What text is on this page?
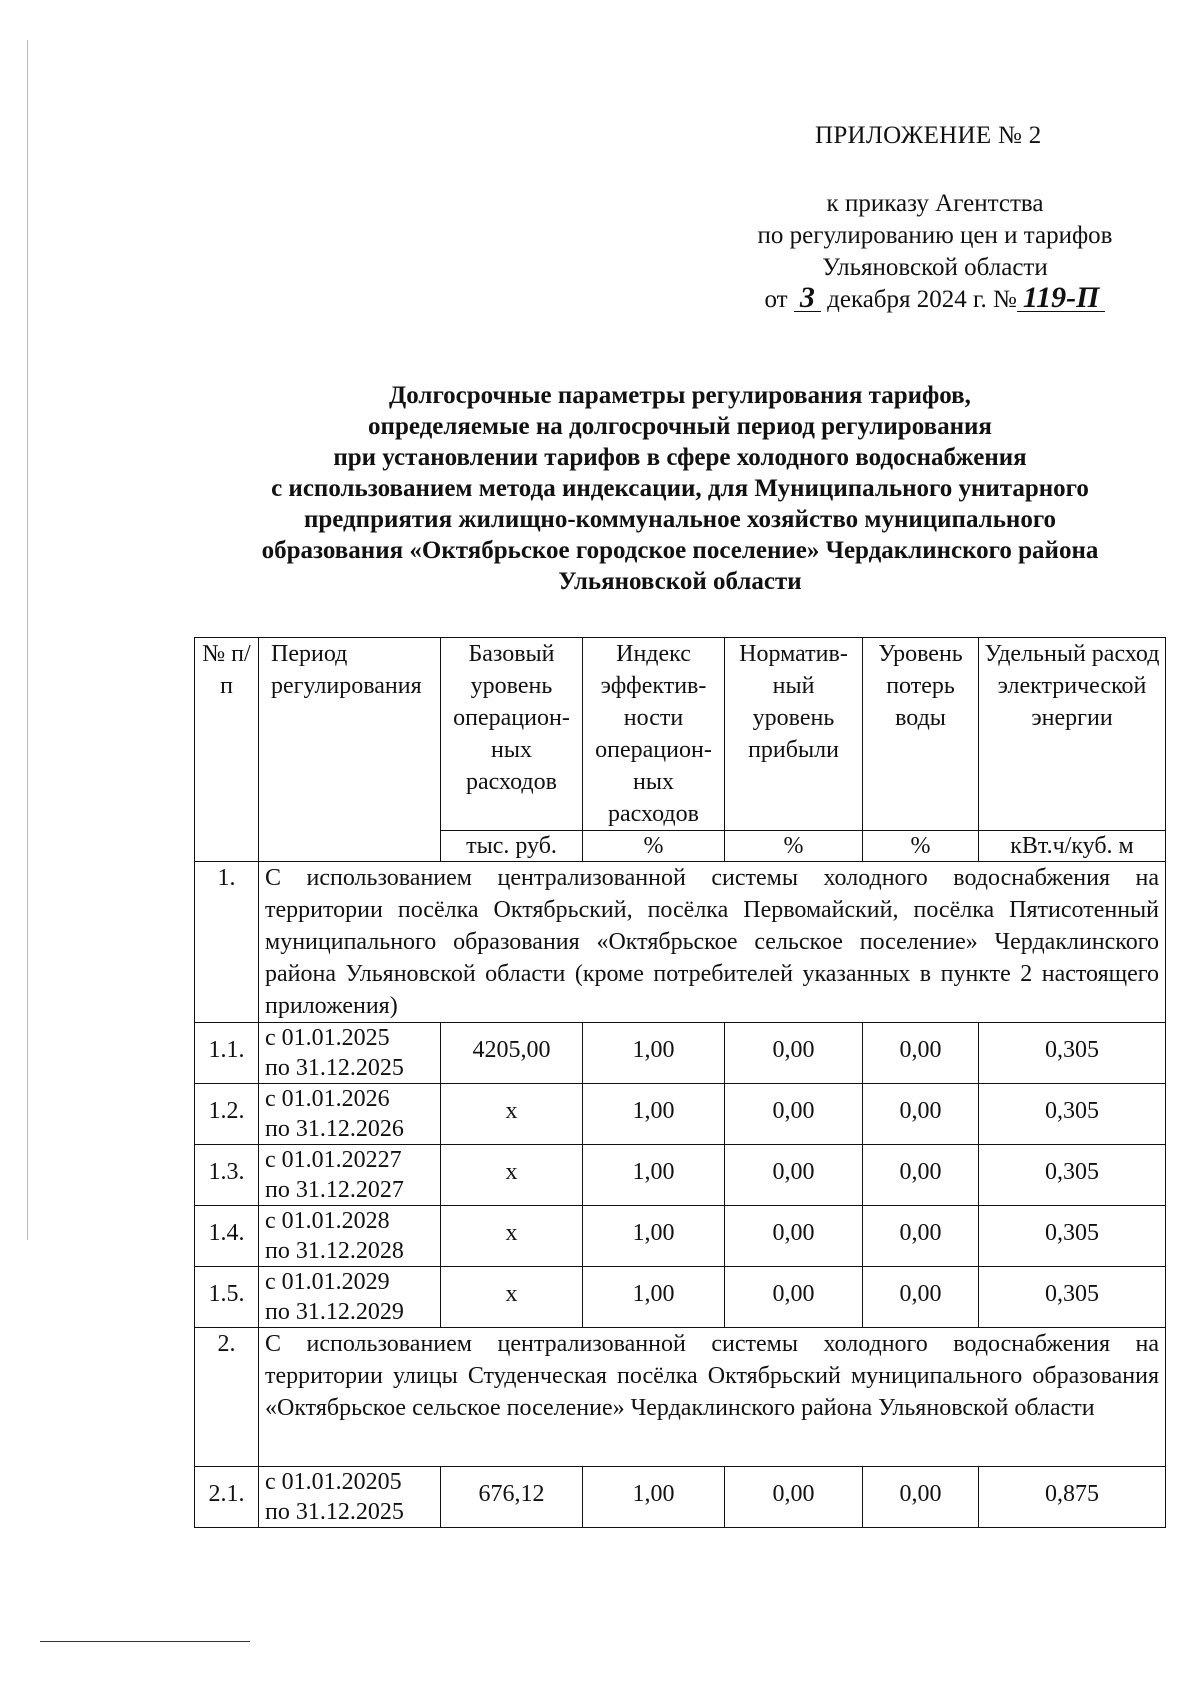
ПРИЛОЖЕНИЕ № 2
к приказу Агентства
по регулированию цен и тарифов
Ульяновской области
от 3 декабря 2024 г. № 119-П
Долгосрочные параметры регулирования тарифов,
определяемые на долгосрочный период регулирования
при установлении тарифов в сфере холодного водоснабжения
с использованием метода индексации, для Муниципального унитарного
предприятия жилищно-коммунальное хозяйство муниципального
образования «Октябрьское городское поселение» Чердаклинского района
Ульяновской области
№ п/п	Период регулирования	Базовый уровень операцион-ных расходов	Индекс эффектив-ности операцион-ных расходов	Норматив-ный уровень прибыли	Уровень потерь воды	Удельный расход электрической энергии
		тыс. руб.	%	%	%	кВт.ч/куб. м
1.	С использованием централизованной системы холодного водоснабжения на территории посёлка Октябрьский, посёлка Первомайский, посёлка Пятисотенный муниципального образования «Октябрьское сельское поселение» Чердаклинского района Ульяновской области (кроме потребителей указанных в пункте 2 настоящего приложения)					
1.1.	с 01.01.2025
по 31.12.2025	4205,00	1,00	0,00	0,00	0,305
1.2.	с 01.01.2026
по 31.12.2026	х	1,00	0,00	0,00	0,305
1.3.	с 01.01.20227
по 31.12.2027	х	1,00	0,00	0,00	0,305
1.4.	с 01.01.2028
по 31.12.2028	х	1,00	0,00	0,00	0,305
1.5.	с 01.01.2029
по 31.12.2029	х	1,00	0,00	0,00	0,305
2.	С использованием централизованной системы холодного водоснабжения на территории улицы Студенческая посёлка Октябрьский муниципального образования «Октябрьское сельское поселение» Чердаклинского района Ульяновской области					
2.1.	с 01.01.20205
по 31.12.2025	676,12	1,00	0,00	0,00	0,875
